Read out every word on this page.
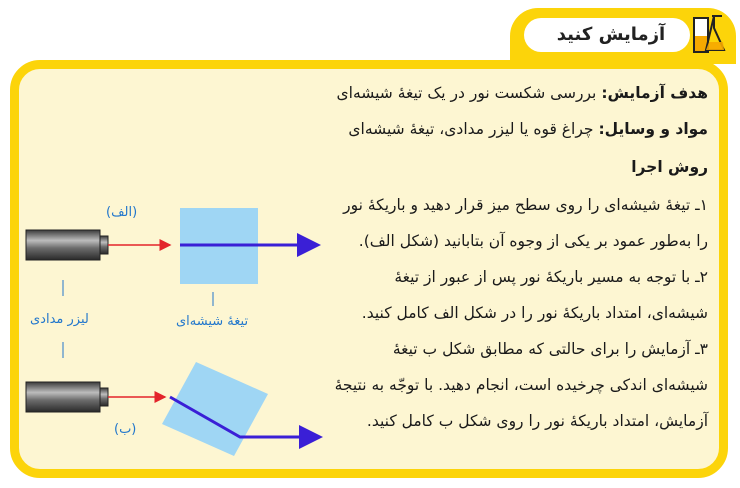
آزمایش کنید
هدف آزمایش: بررسی شکست نور در یک تیغهٔ شیشه‌ای
مواد و وسایل: چراغ قوه یا لیزر مدادی، تیغهٔ شیشه‌ای
روش اجرا
۱ـ تیغهٔ شیشه‌ای را روی سطح میز قرار دهید و باریکهٔ نور
را به‌طور عمود بر یکی از وجوه آن بتابانید (شکل الف).
۲ـ با توجه به مسیر باریکهٔ نور پس از عبور از تیغهٔ
شیشه‌ای، امتداد باریکهٔ نور را در شکل الف کامل کنید.
۳ـ آزمایش را برای حالتی که مطابق شکل ب تیغهٔ
شیشه‌ای اندکی چرخیده است، انجام دهید. با توجّه به نتیجهٔ
آزمایش، امتداد باریکهٔ نور را روی شکل ب کامل کنید.
(الف)
لیزر مدادی	تیغهٔ شیشه‌ای
(ب)
